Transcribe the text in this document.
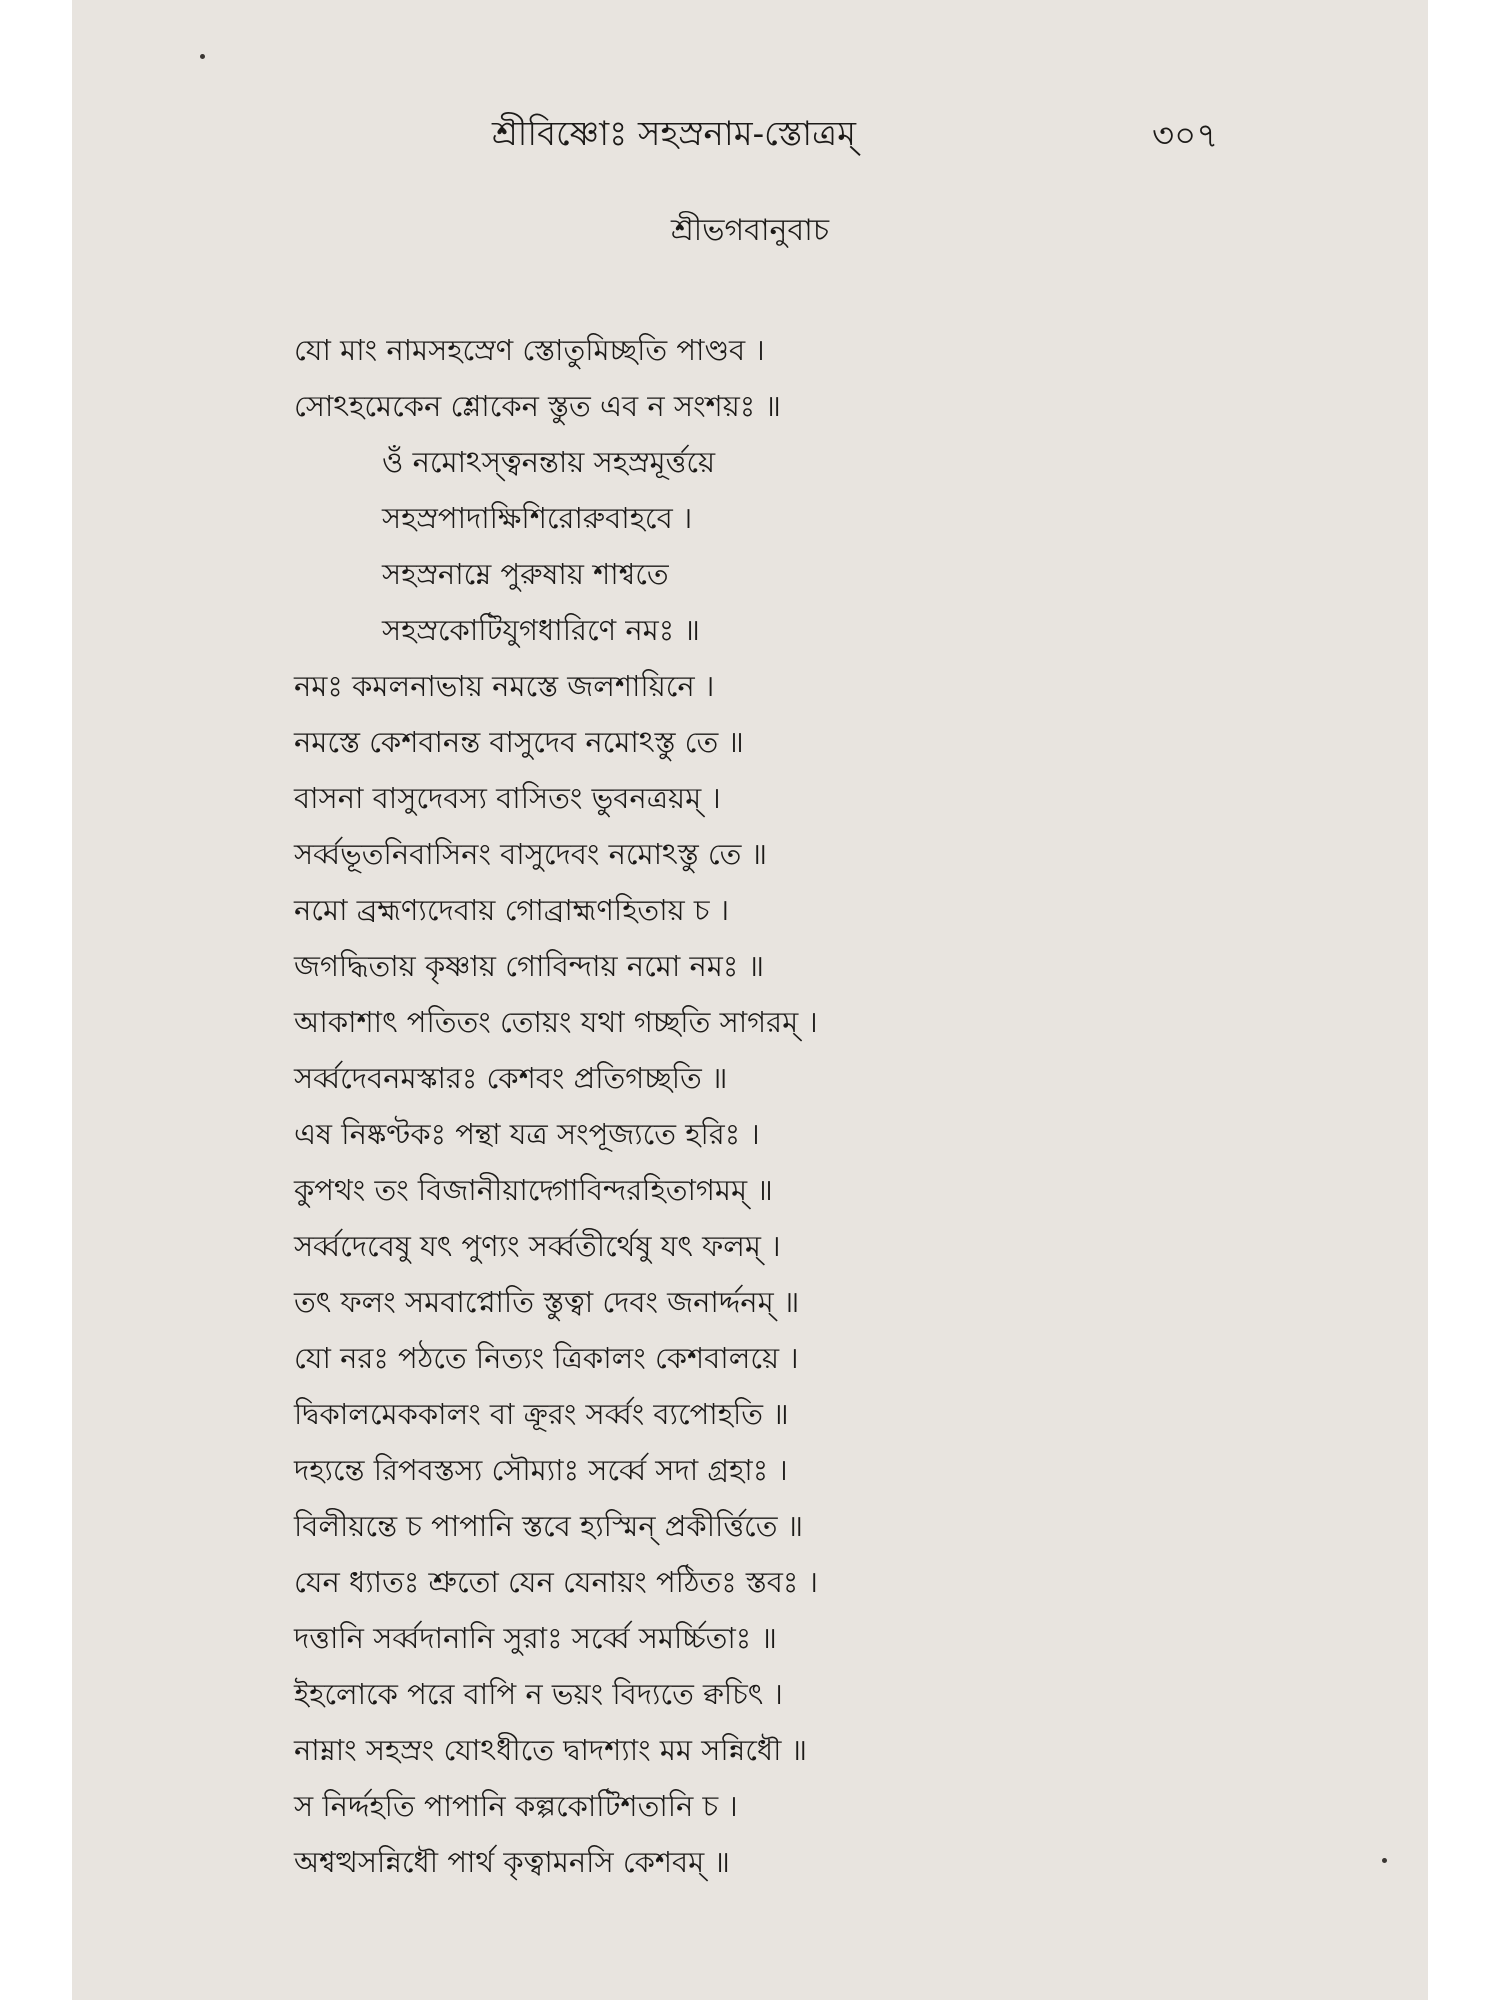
শ্রীবিষ্ণোঃ সহস্রনাম-স্তোত্রম্	৩০৭
শ্রীভগবানুবাচ
যো মাং নামসহস্রেণ স্তোতুমিচ্ছতি পাণ্ডব ।
সোঽহমেকেন শ্লোকেন স্তুত এব ন সংশয়ঃ ॥
ওঁ নমোঽস্ত্বনন্তায় সহস্রমূর্ত্তয়ে
সহস্রপাদাক্ষিশিরোরুবাহবে ।
সহস্রনাম্নে পুরুষায় শাশ্বতে
সহস্রকোটিযুগধারিণে নমঃ ॥
নমঃ কমলনাভায় নমস্তে জলশায়িনে ।
নমস্তে কেশবানন্ত বাসুদেব নমোঽস্তু তে ॥
বাসনা বাসুদেবস্য বাসিতং ভুবনত্রয়ম্ ।
সর্ব্বভূতনিবাসিনং বাসুদেবং নমোঽস্তু তে ॥
নমো ব্রহ্মণ্যদেবায় গোব্রাহ্মণহিতায় চ ।
জগদ্ধিতায় কৃষ্ণায় গোবিন্দায় নমো নমঃ ॥
আকাশাৎ পতিতং তোয়ং যথা গচ্ছতি সাগরম্ ।
সর্ব্বদেবনমস্কারঃ কেশবং প্রতিগচ্ছতি ॥
এষ নিষ্কণ্টকঃ পন্থা যত্র সংপূজ্যতে হরিঃ ।
কুপথং তং বিজানীয়াদ্গোবিন্দরহিতাগমম্ ॥
সর্ব্বদেবেষু যৎ পুণ্যং সর্ব্বতীর্থেষু যৎ ফলম্ ।
তৎ ফলং সমবাপ্নোতি স্তুত্বা দেবং জনার্দ্দনম্ ॥
যো নরঃ পঠতে নিত্যং ত্রিকালং কেশবালয়ে ।
দ্বিকালমেককালং বা ক্রূরং সর্ব্বং ব্যপোহতি ॥
দহ্যন্তে রিপবস্তস্য সৌম্যাঃ সর্ব্বে সদা গ্রহাঃ ।
বিলীয়ন্তে চ পাপানি স্তবে হ্যস্মিন্ প্রকীর্ত্তিতে ॥
যেন ধ্যাতঃ শ্রুতো যেন যেনায়ং পঠিতঃ স্তবঃ ।
দত্তানি সর্ব্বদানানি সুরাঃ সর্ব্বে সমর্চ্চিতাঃ ॥
ইহলোকে পরে বাপি ন ভয়ং বিদ্যতে ক্বচিৎ ।
নাম্নাং সহস্রং যোঽধীতে দ্বাদশ্যাং মম সন্নিধৌ ॥
স নির্দ্দহতি পাপানি কল্পকোটিশতানি চ ।
অশ্বত্থসন্নিধৌ পার্থ কৃত্বামনসি কেশবম্ ॥
